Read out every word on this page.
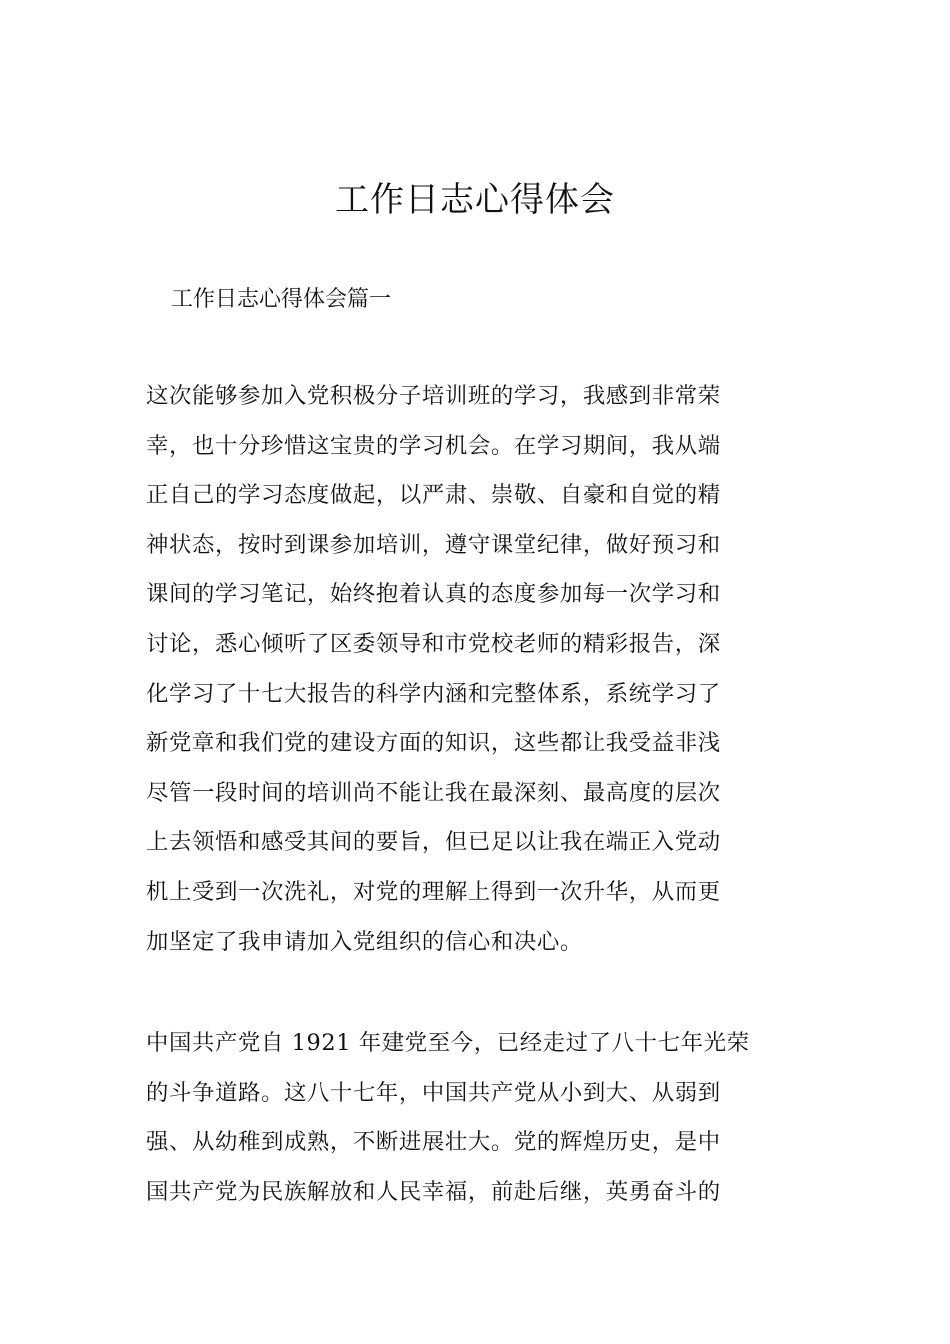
工作日志心得体会

工作日志心得体会篇一

这次能够参加入党积极分子培训班的学习，我感到非常荣
幸，也十分珍惜这宝贵的学习机会。在学习期间，我从端
正自己的学习态度做起，以严肃、崇敬、自豪和自觉的精
神状态，按时到课参加培训，遵守课堂纪律，做好预习和
课间的学习笔记，始终抱着认真的态度参加每一次学习和
讨论，悉心倾听了区委领导和市党校老师的精彩报告，深
化学习了十七大报告的科学内涵和完整体系，系统学习了
新党章和我们党的建设方面的知识，这些都让我受益非浅
尽管一段时间的培训尚不能让我在最深刻、最高度的层次
上去领悟和感受其间的要旨，但已足以让我在端正入党动
机上受到一次洗礼，对党的理解上得到一次升华，从而更
加坚定了我申请加入党组织的信心和决心。

中国共产党自 1921 年建党至今，已经走过了八十七年光荣
的斗争道路。这八十七年，中国共产党从小到大、从弱到
强、从幼稚到成熟，不断进展壮大。党的辉煌历史，是中
国共产党为民族解放和人民幸福，前赴后继，英勇奋斗的
